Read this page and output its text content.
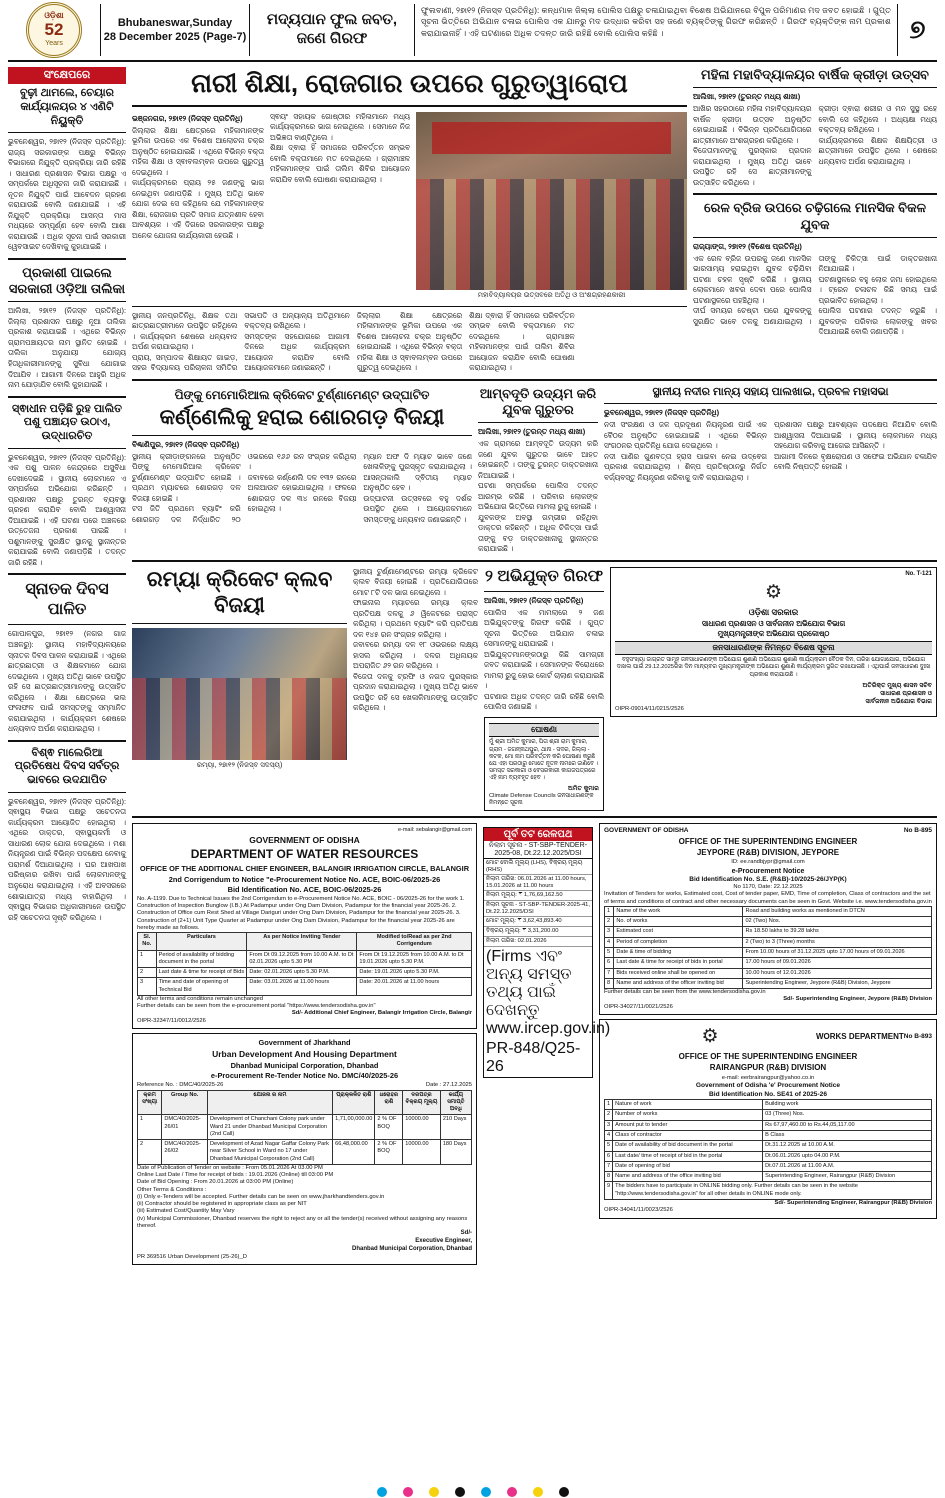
ଓଡ଼ିଶା
52
Years
Bhubaneswar,Sunday
28 December 2025 (Page-7)
ମଦ୍ୟପାନ ଫୁଲ ଜବତ, ଜଣେ ଗିରଫ
ଫୁଲବାଣୀ, ୨୭ା୧୨ (ନିଜସ୍ବ ପ୍ରତିନିଧି): କନ୍ଧମାଳ ଜିଲ୍ଲା ପୋଲିସ ପକ୍ଷରୁ ଚଳାଯାଇଥିବା ବିଶେଷ ଅଭିଯାନରେ ବିପୁଳ ପରିମାଣର ମଦ ଜବତ ହୋଇଛି । ଗୁପ୍ତ ସୂଚନା ଭିତ୍ତିରେ ଅଭିଯାନ ଚଳାଇ ପୋଲିସ ଏକ ଯାନରୁ ମଦ ଉଦ୍ଧାର କରିବା ସହ ଜଣେ ବ୍ୟକ୍ତିଙ୍କୁ ଗିରଫ କରିଛନ୍ତି । ଗିରଫ ବ୍ୟକ୍ତିଙ୍କ ନାମ ପ୍ରକାଶ କରାଯାଇନାହିଁ । ଏହି ଘଟଣାରେ ଅଧିକ ତଦନ୍ତ ଜାରି ରହିଛି ବୋଲି ପୋଲିସ କହିଛି ।	୭
ସଂକ୍ଷେପରେ
ବୁଢ଼ୀ ଥାମଲେ, ଚେୟାର କାର୍ଯ୍ୟାଳୟର ୪ ଏଣିଟି ନିୟୁକ୍ତି
ଭୁବନେଶ୍ୱର, ୨୭ା୧୨ (ନିଜସ୍ବ ପ୍ରତିନିଧି): ରାଜ୍ୟ ସରକାରଙ୍କ ପକ୍ଷରୁ ବିଭିନ୍ନ ବିଭାଗରେ ନିଯୁକ୍ତି ପ୍ରକ୍ରିୟା ଜାରି ରହିଛି । ସାଧାରଣ ପ୍ରଶାସନ ବିଭାଗ ପକ୍ଷରୁ ଏ ସମ୍ପର୍କରେ ଅଧିସୂଚନା ଜାରି କରାଯାଇଛି । ନୂତନ ନିଯୁକ୍ତି ପାଇଁ ଆବେଦନ ଗ୍ରହଣ କରାଯାଉଛି ବୋଲି ଜଣାଯାଇଛି । ଏହି ନିଯୁକ୍ତି ପ୍ରକ୍ରିୟା ଆସନ୍ତା ମାସ ମଧ୍ୟରେ ସମ୍ପୂର୍ଣ୍ଣ ହେବ ବୋଲି ଆଶା କରାଯାଉଛି । ଅଧିକ ସୂଚନା ପାଇଁ ସରକାରୀ ୱେବସାଇଟ ଦେଖିବାକୁ କୁହାଯାଇଛି ।
ପ୍ରକାଶୀ ପାଇଲେ ସରକାରୀ ଓଡ଼ିଆ ତାଲିକା
ଆଲିଖା, ୨୭ା୧୨ (ନିଜସ୍ବ ପ୍ରତିନିଧି): ଜିଲ୍ଲା ପ୍ରଶାସନ ପକ୍ଷରୁ ନୂଆ ତାଲିକା ପ୍ରକାଶ କରାଯାଇଛି । ଏଥିରେ ବିଭିନ୍ନ ଗ୍ରାମପଞ୍ଚାୟତର ନାମ ସ୍ଥାନିତ ହୋଇଛି । ତାଲିକା ଅନୁଯାୟୀ ଯୋଗ୍ୟ ହିତାଧିକାରୀମାନଙ୍କୁ ସୁବିଧା ଯୋଗାଇ ଦିଆଯିବ । ଆଗାମୀ ଦିନରେ ଆହୁରି ଅଧିକ ନାମ ଯୋଡ଼ାଯିବ ବୋଲି କୁହାଯାଇଛି ।
ସ୍ଵାଧୀନ ପଡ଼ିଛି ରୁହ ପାଲିତ ପଶୁ ପଞ୍ଚାୟତ ଉଠାଏ, ଉଦ୍ଧାରଚିତ
ଭୁବନେଶ୍ୱର, ୨୭ା୧୨ (ନିଜସ୍ବ ପ୍ରତିନିଧି): ଏକ ପଶୁ ପାଳନ କେନ୍ଦ୍ରରେ ଅସୁବିଧା ଦେଖାଦେଇଛି । ସ୍ଥାନୀୟ ଲୋକମାନେ ଏ ସମ୍ପର୍କରେ ଅଭିଯୋଗ କରିଛନ୍ତି । ପ୍ରଶାସନ ପକ୍ଷରୁ ତୁରନ୍ତ ବ୍ୟବସ୍ଥା ଗ୍ରହଣ କରାଯିବ ବୋଲି ଆଶ୍ୱାସନା ଦିଆଯାଇଛି । ଏହି ଘଟଣା ପରେ ଅଞ୍ଚଳରେ ଉତ୍ତେଜନା ପ୍ରକାଶ ପାଇଛି । ପଶୁମାନଙ୍କୁ ସୁରକ୍ଷିତ ସ୍ଥାନକୁ ସ୍ଥାନାନ୍ତର କରାଯାଇଛି ବୋଲି ଜଣାପଡ଼ିଛି । ତଦନ୍ତ ଜାରି ରହିଛି ।
ସ୍ନାତକ ଦିବସ ପାଳିତ
ଗୋପାଳପୁର, ୨୭ା୧୨ (ନଗର ଗାଜ ଅଞ୍ଚଳରୁ): ସ୍ଥାନୀୟ ମହାବିଦ୍ୟାଳୟରେ ସ୍ନାତକ ଦିବସ ପାଳନ କରାଯାଇଛି । ଏଥିରେ ଛାତ୍ରଛାତ୍ରୀ ଓ ଶିକ୍ଷକମାନେ ଯୋଗ ଦେଇଥିଲେ । ମୁଖ୍ୟ ଅତିଥି ଭାବେ ଉପସ୍ଥିତ ରହି ସେ ଛାତ୍ରଛାତ୍ରୀମାନଙ୍କୁ ଉତ୍ସାହିତ କରିଥିଲେ । ଶିକ୍ଷା କ୍ଷେତ୍ରରେ ଭଲ ଫଳାଫଳ ପାଇଁ ସମସ୍ତଙ୍କୁ ସମ୍ମାନିତ କରାଯାଇଥିଲା । କାର୍ଯ୍ୟକ୍ରମ ଶେଷରେ ଧନ୍ୟବାଦ ଅର୍ପଣ କରାଯାଇଥିଲା ।
ବିଶ୍ଵ ମାଲେରିଆ ପ୍ରତିଷେଧ ଦିବସ ସର୍ବତ୍ର ଭାବରେ ଉଦଯାପିତ
ଭୁବନେଶ୍ୱର, ୨୭ା୧୨ (ନିଜସ୍ବ ପ୍ରତିନିଧି): ସ୍ଵାସ୍ଥ୍ୟ ବିଭାଗ ପକ୍ଷରୁ ସଚେତନତା କାର୍ଯ୍ୟକ୍ରମ ଆୟୋଜିତ ହୋଇଥିଲା । ଏଥିରେ ଡାକ୍ତର, ସ୍ଵାସ୍ଥ୍ୟକର୍ମୀ ଓ ସାଧାରଣ ଲୋକ ଯୋଗ ଦେଇଥିଲେ । ମଶା ନିୟନ୍ତ୍ରଣ ପାଇଁ ବିଭିନ୍ନ ପଦକ୍ଷେପ ନେବାକୁ ପରାମର୍ଶ ଦିଆଯାଇଥିଲା । ଘର ଆଖପାଖ ପରିଷ୍କାର ରଖିବା ପାଇଁ ଲୋକମାନଙ୍କୁ ଅନୁରୋଧ କରାଯାଇଥିଲା । ଏହି ଅବସରରେ ଶୋଭାଯାତ୍ରା ମଧ୍ୟ ବାହାରିଥିଲା । ସ୍ଵାସ୍ଥ୍ୟ ବିଭାଗର ଅଧିକାରୀମାନେ ଉପସ୍ଥିତ ରହି ସଚେତନତା ସୃଷ୍ଟି କରିଥିଲେ ।
ନାରୀ ଶିକ୍ଷା, ରୋଜଗାର ଉପରେ ଗୁରୁତ୍ୱାରୋପ
ଭଞ୍ଜନଗର, ୨୭ା୧୨ (ନିଜସ୍ବ ପ୍ରତିନିଧି)
ଜିଲ୍ଲାର ଶିକ୍ଷା କ୍ଷେତ୍ରରେ ମହିଳାମାନଙ୍କ ଭୂମିକା ଉପରେ ଏକ ବିଶେଷ ଆଲୋଚନା ଚକ୍ର ଅନୁଷ୍ଠିତ ହୋଇଯାଇଛି । ଏଥିରେ ବିଭିନ୍ନ ବକ୍ତା ମହିଳା ଶିକ୍ଷା ଓ ସ୍ଵାବଲମ୍ବନ ଉପରେ ଗୁରୁତ୍ୱ ଦେଇଥିଲେ ।
କାର୍ଯ୍ୟକ୍ରମରେ ପ୍ରାୟ ୨୫ ଜଣଙ୍କୁ ଭାଗ ନେଇଥିବା ଜଣାପଡ଼ିଛି । ମୁଖ୍ୟ ଅତିଥି ଭାବେ ଯୋଗ ଦେଇ ସେ କହିଥିଲେ ଯେ ମହିଳାମାନଙ୍କ ଶିକ୍ଷା, ରୋଜଗାର ପ୍ରତି ସମାଜ ଯତ୍ନଶୀଳ ହେବା ଆବଶ୍ୟକ । ଏହି ଦିଗରେ ସରକାରଙ୍କ ପକ୍ଷରୁ ଅନେକ ଯୋଜନା କାର୍ଯ୍ୟକାରୀ ହେଉଛି ।
ସ୍ଵୟଂ ସହାୟକ ଗୋଷ୍ଠୀର ମହିଳାମାନେ ମଧ୍ୟ କାର୍ଯ୍ୟକ୍ରମରେ ଭାଗ ନେଇଥିଲେ । ସେମାନେ ନିଜ ଅଭିଜ୍ଞତା ବାଣ୍ଟିଥିଲେ ।
ଶିକ୍ଷା ଦ୍ଵାରା ହିଁ ସମାଜରେ ପରିବର୍ତ୍ତନ ସମ୍ଭବ ବୋଲି ବକ୍ତାମାନେ ମତ ଦେଇଥିଲେ । ଗ୍ରାମାଞ୍ଚଳ ମହିଳାମାନଙ୍କ ପାଇଁ ତାଲିମ ଶିବିର ଆୟୋଜନ କରାଯିବ ବୋଲି ଘୋଷଣା କରାଯାଇଥିଲା ।
ମହାବିଦ୍ୟାଳୟର ଉତ୍ସବରେ ଅତିଥି ଓ ଅଂଶଗ୍ରହଣକାରୀ
ସ୍ଥାନୀୟ ଜନପ୍ରତିନିଧି, ଶିକ୍ଷକ ତଥା ଛାତ୍ରଛାତ୍ରୀମାନେ ଉପସ୍ଥିତ ରହିଥିଲେ । କାର୍ଯ୍ୟକ୍ରମ ଶେଷରେ ଧନ୍ୟବାଦ ଅର୍ପଣ କରାଯାଇଥିଲା ।
ପ୍ରାୟ, ସମ୍ପାଦକ ଶିକ୍ଷାୟତ ଗାଇଡ଼, ସହର ବିଦ୍ୟାଳୟ ପରିଚାଳନା ସମିତିର ସଭାପତି ଓ ଅନ୍ୟାନ୍ୟ ଅତିଥିମାନେ ବକ୍ତବ୍ୟ ରଖିଥିଲେ ।
ସମସ୍ତଙ୍କ ସହଯୋଗରେ ଆଗାମୀ ଦିନରେ ଅଧିକ କାର୍ଯ୍ୟକ୍ରମ ଆୟୋଜନ କରାଯିବ ବୋଲି ଆୟୋଜକମାନେ ଜଣାଇଛନ୍ତି ।
ଜିଲ୍ଲାର ଶିକ୍ଷା କ୍ଷେତ୍ରରେ ମହିଳାମାନଙ୍କ ଭୂମିକା ଉପରେ ଏକ ବିଶେଷ ଆଲୋଚନା ଚକ୍ର ଅନୁଷ୍ଠିତ ହୋଇଯାଇଛି । ଏଥିରେ ବିଭିନ୍ନ ବକ୍ତା ମହିଳା ଶିକ୍ଷା ଓ ସ୍ଵାବଲମ୍ବନ ଉପରେ ଗୁରୁତ୍ୱ ଦେଇଥିଲେ ।
ଶିକ୍ଷା ଦ୍ଵାରା ହିଁ ସମାଜରେ ପରିବର୍ତ୍ତନ ସମ୍ଭବ ବୋଲି ବକ୍ତାମାନେ ମତ ଦେଇଥିଲେ । ଗ୍ରାମାଞ୍ଚଳ ମହିଳାମାନଙ୍କ ପାଇଁ ତାଲିମ ଶିବିର ଆୟୋଜନ କରାଯିବ ବୋଲି ଘୋଷଣା କରାଯାଇଥିଲା ।
ମହିଳା ମହାବିଦ୍ୟାଳୟର ବାର୍ଷିକ କ୍ରୀଡ଼ା ଉତ୍ସବ
ଆଲିଖା, ୨୭ା୧୨ (ତୁରନ୍ତ ମଧ୍ୟ ଶାଖା)
ଆଖିର ସହରଠାରେ ମହିଳା ମହାବିଦ୍ୟାଳୟର ବାର୍ଷିକ କ୍ରୀଡ଼ା ଉତ୍ସବ ଅନୁଷ୍ଠିତ ହୋଇଯାଇଛି । ବିଭିନ୍ନ ପ୍ରତିଯୋଗିତାରେ ଛାତ୍ରୀମାନେ ଅଂଶଗ୍ରହଣ କରିଥିଲେ ।
ବିଜେତାମାନଙ୍କୁ ପୁରସ୍କାର ପ୍ରଦାନ କରାଯାଇଥିଲା । ମୁଖ୍ୟ ଅତିଥି ଭାବେ ଉପସ୍ଥିତ ରହି ସେ ଛାତ୍ରୀମାନଙ୍କୁ ଉତ୍ସାହିତ କରିଥିଲେ ।
କ୍ରୀଡ଼ା ଦ୍ଵାରା ଶରୀର ଓ ମନ ସୁସ୍ଥ ରହେ ବୋଲି ସେ କହିଥିଲେ । ଅଧ୍ୟକ୍ଷା ମଧ୍ୟ ବକ୍ତବ୍ୟ ରଖିଥିଲେ ।
କାର୍ଯ୍ୟକ୍ରମରେ ଶିକ୍ଷକ ଶିକ୍ଷୟିତ୍ରୀ ଓ ଛାତ୍ରୀମାନେ ଉପସ୍ଥିତ ଥିଲେ । ଶେଷରେ ଧନ୍ୟବାଦ ଅର୍ପଣ କରାଯାଇଥିଲା ।
ରେଳ ବ୍ରିଜ ଉପରେ ଚଢ଼ିଗଲେ ମାନସିକ ବିକଳ ଯୁବକ
ରାଜ୍ୟାଙ୍ଗ, ୨୭ା୧୨ (ବିଶେଷ ପ୍ରତିନିଧି)
ଏକ ରେଳ ବ୍ରିଜ ଉପରକୁ ଜଣେ ମାନସିକ ଭାରସାମ୍ୟ ହରାଇଥିବା ଯୁବକ ଚଢ଼ିଯିବା ଘଟଣା ଚହଳ ସୃଷ୍ଟି କରିଛି । ସ୍ଥାନୀୟ ଲୋକମାନେ ଖବର ଦେବା ପରେ ପୋଲିସ ଘଟଣାସ୍ଥଳରେ ପହଞ୍ଚିଥିଲା ।
ଦୀର୍ଘ ସମୟର ଚେଷ୍ଟା ପରେ ଯୁବକଙ୍କୁ ସୁରକ୍ଷିତ ଭାବେ ତଳକୁ ଅଣାଯାଇଥିଲା । ତାଙ୍କୁ ଚିକିତ୍ସା ପାଇଁ ଡାକ୍ତରଖାନା ନିଆଯାଇଛି ।
ଘଟଣାସ୍ଥଳରେ ବହୁ ଲୋକ ଜମା ହୋଇଥିଲେ । ଟ୍ରେନ ଚଳାଚଳ କିଛି ସମୟ ପାଇଁ ପ୍ରଭାବିତ ହୋଇଥିଲା ।
ପୋଲିସ ଘଟଣାର ତଦନ୍ତ କରୁଛି । ଯୁବକଙ୍କ ପରିବାର ଲୋକଙ୍କୁ ଖବର ଦିଆଯାଇଛି ବୋଲି ଜଣାପଡ଼ିଛି ।
ପିଙ୍କୁ ମେମୋରିଆଲ କ୍ରିକେଟ ଟୁର୍ଣ୍ଣାମେଣ୍ଟ ଉଦ୍‌ଘାଟିତ
କର୍ଣ୍ଣେଲିକୁ ହରାଇ ଶୋରଗଡ଼ ବିଜୟୀ
ବିଣ୍ଢାଣିପୁର, ୨୭ା୧୨ (ନିଜସ୍ବ ପ୍ରତିନିଧି)
ସ୍ଥାନୀୟ କ୍ରୀଡ଼ାଙ୍ଗନରେ ଅନୁଷ୍ଠିତ ପିଙ୍କୁ ମେମୋରିଆଲ କ୍ରିକେଟ ଟୁର୍ଣ୍ଣାମେଣ୍ଟ ଉଦ୍‌ଘାଟିତ ହୋଇଛି । ପ୍ରଥମ ମ୍ୟାଚରେ ଶୋରଗଡ଼ ଦଳ ବିଜୟୀ ହୋଇଛି ।
ଟସ ଜିତି ପ୍ରଥମେ ବ୍ୟାଟିଂ କରି ଶୋରଗଡ଼ ଦଳ ନିର୍ଦ୍ଧାରିତ ୨୦ ଓଭରରେ ୧୬୬ ରନ ସଂଗ୍ରହ କରିଥିଲା ।
ଜବାବରେ କର୍ଣ୍ଣେଲି ଦଳ ୧୩୨ ରନରେ ଅଲଆଉଟ ହୋଇଯାଇଥିଲା । ଫଳରେ ଶୋରଗଡ଼ ଦଳ ୩୪ ରନରେ ବିଜୟୀ ହୋଇଥିଲା ।
ମ୍ୟାନ ଅଫ ଦି ମ୍ୟାଚ ଭାବେ ଜଣେ ଖେଳାଳିଙ୍କୁ ପୁରସ୍କୃତ କରାଯାଇଥିଲା । ଆସନ୍ତାକାଲି ଦ୍ଵିତୀୟ ମ୍ୟାଚ ଅନୁଷ୍ଠିତ ହେବ ।
ଉଦ୍‌ଘାଟନୀ ଉତ୍ସବରେ ବହୁ ଦର୍ଶକ ଉପସ୍ଥିତ ଥିଲେ । ଆୟୋଜକମାନେ ସମସ୍ତଙ୍କୁ ଧନ୍ୟବାଦ ଜଣାଇଛନ୍ତି ।
ଆମ୍ବଦୂତି ଉଦ୍ୟମ କରି ଯୁବକ ଗୁରୁତର
ଆଲିଖା, ୨୭ା୧୨ (ତୁରନ୍ତ ମଧ୍ୟ ଶାଖା)
ଏକ ଗ୍ରାମରେ ଆମ୍ବଦୂତି ଉଦ୍ୟମ କରି ଜଣେ ଯୁବକ ଗୁରୁତର ଭାବେ ଆହତ ହୋଇଛନ୍ତି । ତାଙ୍କୁ ତୁରନ୍ତ ଡାକ୍ତରଖାନା ନିଆଯାଇଛି ।
ଘଟଣା ସମ୍ପର୍କରେ ପୋଲିସ ତଦନ୍ତ ଆରମ୍ଭ କରିଛି । ପରିବାର ଲୋକଙ୍କ ଅଭିଯୋଗ ଭିତ୍ତିରେ ମାମଲା ରୁଜୁ ହୋଇଛି ।
ଯୁବକଙ୍କ ଅବସ୍ଥା ଗମ୍ଭୀର ରହିଥିବା ଡାକ୍ତର କହିଛନ୍ତି । ଅଧିକ ଚିକିତ୍ସା ପାଇଁ ତାଙ୍କୁ ବଡ଼ ଡାକ୍ତରଖାନାକୁ ସ୍ଥାନାନ୍ତର କରାଯାଇଛି ।
ସ୍ଥାନୀୟ ନଦୀର ମାନ୍ୟ ସହାୟ ପାଲଖାଇ, ପ୍ରବଳ ମହାସଭା
ଭୁବନେଶ୍ୱର, ୨୭ା୧୨ (ନିଜସ୍ବ ପ୍ରତିନିଧି)
ନଦୀ ସଂରକ୍ଷଣ ଓ ଜଳ ପ୍ରଦୂଷଣ ନିୟନ୍ତ୍ରଣ ପାଇଁ ଏକ ବୈଠକ ଅନୁଷ୍ଠିତ ହୋଇଯାଇଛି । ଏଥିରେ ବିଭିନ୍ନ ସଂଗଠନର ପ୍ରତିନିଧି ଯୋଗ ଦେଇଥିଲେ ।
ନଦୀ ପାଣିର ଗୁଣବତ୍ତା ହ୍ରାସ ପାଇବା ନେଇ ଉଦ୍ଵେଗ ପ୍ରକାଶ କରାଯାଇଥିଲା । ଶିଳ୍ପ ପ୍ରତିଷ୍ଠାନରୁ ନିର୍ଗତ ବର୍ଜ୍ୟବସ୍ତୁ ନିୟନ୍ତ୍ରଣ କରିବାକୁ ଦାବି କରାଯାଇଥିଲା ।
ପ୍ରଶାସନ ପକ୍ଷରୁ ଆବଶ୍ୟକ ପଦକ୍ଷେପ ନିଆଯିବ ବୋଲି ଆଶ୍ୱାସନା ଦିଆଯାଇଛି । ସ୍ଥାନୀୟ ଲୋକମାନେ ମଧ୍ୟ ସହଯୋଗ କରିବାକୁ ଆଗେଇ ଆସିଛନ୍ତି ।
ଆଗାମୀ ଦିନରେ ବୃକ୍ଷରୋପଣ ଓ ସଫେଇ ଅଭିଯାନ ଚଳାଯିବ ବୋଲି ନିଷ୍ପତ୍ତି ହୋଇଛି ।
ରମ୍ୟା କ୍ରିକେଟ କ୍ଲବ ବିଜୟୀ
ରମ୍ୟା, ୨୭ା୧୨ (ନିଜସ୍ବ ସଦସ୍ୟ)
ସ୍ଥାନୀୟ ଟୁର୍ଣ୍ଣାମେଣ୍ଟରେ ରମ୍ୟା କ୍ରିକେଟ କ୍ଲବ ବିଜୟୀ ହୋଇଛି । ପ୍ରତିଯୋଗିତାରେ ମୋଟ ୮ଟି ଦଳ ଭାଗ ନେଇଥିଲେ ।
ଫାଇନାଲ ମ୍ୟାଚରେ ରମ୍ୟା କ୍ଲବ ପ୍ରତିପକ୍ଷ ଦଳକୁ ୬ ୱିକେଟରେ ପରାସ୍ତ କରିଥିଲା । ପ୍ରଥମେ ବ୍ୟାଟିଂ କରି ପ୍ରତିପକ୍ଷ ଦଳ ୧୪୫ ରନ ସଂଗ୍ରହ କରିଥିଲା ।
ଜବାବରେ ରମ୍ୟା ଦଳ ୧୮ ଓଭରରେ ଲକ୍ଷ୍ୟ ହାସଲ କରିଥିଲା । ଦଳର ଅଧିନାୟକ ଅପରାଜିତ ୬୨ ରନ କରିଥିଲେ ।
ବିଜେତା ଦଳକୁ ଟ୍ରଫି ଓ ନଗଦ ପୁରସ୍କାର ପ୍ରଦାନ କରାଯାଇଥିଲା । ମୁଖ୍ୟ ଅତିଥି ଭାବେ ଉପସ୍ଥିତ ରହି ସେ ଖେଳାଳିମାନଙ୍କୁ ଉତ୍ସାହିତ କରିଥିଲେ ।
୨ ଅଭିଯୁକ୍ତ ଗିରଫ
ଆଲିଖା, ୨୭ା୧୨ (ନିଜସ୍ବ ପ୍ରତିନିଧି)
ପୋଲିସ ଏକ ମାମଲାରେ ୨ ଜଣ ଅଭିଯୁକ୍ତଙ୍କୁ ଗିରଫ କରିଛି । ଗୁପ୍ତ ସୂଚନା ଭିତ୍ତିରେ ଅଭିଯାନ ଚଳାଇ ସେମାନଙ୍କୁ ଧରାଯାଇଛି ।
ଅଭିଯୁକ୍ତମାନଙ୍କଠାରୁ କିଛି ସାମଗ୍ରୀ ଜବତ କରାଯାଇଛି । ସେମାନଙ୍କ ବିରୋଧରେ ମାମଲା ରୁଜୁ ହୋଇ କୋର୍ଟ ଚାଲାଣ କରାଯାଇଛି ।
ଘଟଣାର ଅଧିକ ତଦନ୍ତ ଜାରି ରହିଛି ବୋଲି ପୋଲିସ ଜଣାଇଛି ।
ଘୋଷଣା
ମୁଁ ଶ୍ରୀ ଅମିତ କୁମାର, ପିତା ଶ୍ରୀ ରାମ କୁମାର, ଗ୍ରାମ - ଜଗନ୍ନାଥପୁର, ଥାନା - ସଦର, ଜିଲ୍ଲା - କଟକ, ମୋ ନାମ ପରିବର୍ତ୍ତନ କରି ଘୋଷଣା କରୁଛି ଯେ ଏହା ପରଠାରୁ ମୋତେ ନୂତନ ନାମରେ ଜାଣିବେ । ସମସ୍ତ ସରକାରୀ ଓ ବେସରକାରୀ କାଗଜପତ୍ରରେ ଏହି ନାମ ବ୍ୟବହୃତ ହେବ ।
ଅମିତ କୁମାର
Climate Defense Councils ଜନସାଧାରଣଙ୍କ ନିମନ୍ତେ ସୂଚନା
No. T-121
⚙
ଓଡ଼ିଶା ସରକାର
ସାଧାରଣ ପ୍ରଶାସନ ଓ ସାର୍ବଜନୀନ ଅଭିଯୋଗ ବିଭାଗ
ମୁଖ୍ୟମନ୍ତ୍ରୀଙ୍କ ଅଭିଯୋଗ ପ୍ରକୋଷ୍ଠ
ଜନସାଧାରଣଙ୍କ ନିମନ୍ତେ ବିଶେଷ ସୂଚନା
ବହୁସଂଖ୍ୟା ଜାଗ୍ରତ ସାମୂହ ଜନସାଧାରଣଙ୍କ ଅଭିଯୋଗ ଶୁଣାଣି ଅଭିଯୋଗ ଶୁଣାଣି କାର୍ଯ୍ୟକ୍ରମ ବୈଠକ ଦିନ, ତାରିଖ ଯୋଗାଯୋଗ, ଅଭିଯୋଗ ଦାଖଲ ପାଇଁ 29.12.2025ରିଖ ଦିନ ମାନ୍ୟବର ମୁଖ୍ୟମନ୍ତ୍ରୀଙ୍କ ଅଭିଯୋଗ ଶୁଣାଣି କାର୍ଯ୍ୟକ୍ରମ ସ୍ଥଗିତ ରଖାଯାଇଛି । ଏଥିପାଇଁ ଜନସାଧାରଣ ଦୁଃଖ ପ୍ରକାଶ କରାଯାଉଛି ।
ଅତିରିକ୍ତ ମୁଖ୍ୟ ଶାସନ ସଚିବ
ସାଧାରଣ ପ୍ରଶାସନ ଓ
ସାର୍ବଜନୀନ ଅଭିଯୋଗ ବିଭାଗ
OIPR-09014/11/0215/2526
e-mail: sebalangir@gmail.com
GOVERNMENT OF ODISHA
DEPARTMENT OF WATER RESOURCES
OFFICE OF THE ADDITIONAL CHIEF ENGINEER, BALANGIR IRRIGATION CIRCLE, BALANGIR
2nd Corrigendum to Notice "e-Procurement Notice No. ACE, BOIC-06/2025-26
Bid Identification No. ACE, BOIC-06/2025-26
No. A-1199. Due to Technical Issues the 2nd Corrigendum to e-Procurement Notice No. ACE, BOIC - 06/2025-26 for the work 1. Construction of Inspection Bunglow (I.B.) At Padampur under Ong Dam Division, Padampur for the financial year 2025-26. 2. Construction of Office cum Rest Shed at Village Dariguri under Ong Dam Division, Padampur for the financial year 2025-26. 3. Construction of (2+1) Unit Type Quarter at Padampur under Ong Dam Division, Padampur for the financial year 2025-26 are hereby made as follows.
Sl. No.	Particulars	As per Notice Inviting Tender	Modified to/Read as per 2nd Corrigendum
1	Period of availability of bidding document in the portal	From Dt 09.12.2025 from 10.00 A.M. to Dt 02.01.2026 upto 5.30 PM	From Dt 19.12.2025 from 10.00 A.M. to Dt 19.01.2026 upto 5.30 P.M.
2	Last date & time for receipt of Bids	Date: 02.01.2026 upto 5.30 P.M.	Date: 19.01.2026 upto 5.30 P.M.
3	Time and date of opening of Technical Bid	Date: 03.01.2026 at 11.00 hours	Date: 20.01.2026 at 11.00 hours
All other terms and conditions remain unchanged
Further details can be seen from the e-procurement portal "https://www.tendersodisha.gov.in"
Sd/- Additional Chief Engineer, Balangir Irrigation Circle, Balangir
OIPR-32347/11/0012/2526
Government of Jharkhand
Urban Development And Housing Department
Dhanbad Municipal Corporation, Dhanbad
e-Procurement Re-Tender Notice No. DMC/40/2025-26
Reference No. : DMC/40/2025-26	Date : 27.12.2025
କ୍ରମ ସଂଖ୍ୟା	Group No.	ଯୋଜନା ର ନାମ	ପ୍ରାକ୍କଳିତ ରାଶି	ଧରୋହର ରାଶି	ଦରପତ୍ର ବିକ୍ରୟ ମୂଲ୍ୟ	କାର୍ଯ୍ୟ ସମାପ୍ତି ଅବଧି
1	DMC/40/2025-26/01	Development of Chanchani Colony park under Ward 21 under Dhanbad Municipal Corporation (2nd Call)	1,71,00,000.00	2 % OF BOQ	10000.00	210 Days
2	DMC/40/2025-26/02	Development of Azad Nagar Gaffar Colony Park near Silver School in Ward no 17 under Dhanbad Municipal Corporation (2nd Call)	66,48,000.00	2 % OF BOQ	10000.00	180 Days
Date of Publication of Tender on website : From 05.01.2026 At 03.00 PM
Online Last Date / Time for receipt of bids : 19.01.2026 (Online) till 03:00 PM
Date of Bid Opening : From 20.01.2026 at 03:00 PM (Online)
Other Terms & Conditions :
(i) Only e-Tenders will be accepted. Further details can be seen on www.jharkhandtenders.gov.in
(ii) Contractor should be registered in appropriate class as per NIT
(iii) Estimated Cost/Quantity May Vary
(iv) Municipal Commissioner, Dhanbad reserves the right to reject any or all the tender(s) received without assigning any reasons thereof.
Sd/-
Executive Engineer,
Dhanbad Municipal Corporation, Dhanbad
PR 369516 Urban Development (25-26)_D
ପୂର୍ବ ତଟ ରେଳପଥ
ନିଲାମ ସୂଚନା - ST-SBP-TENDER-2025-08, Dt.22.12.2025/DSI
ମୋଟ ବୋଲି ମୂଲ୍ୟ (LHS), ବିକ୍ରୟ ମୂଲ୍ୟ (RHS)
ନିଲାମ ତାରିଖ: 06.01.2026 at 11.00 hours, 15.01.2026 at 11.00 hours
ନିଲାମ ମୂଲ୍ୟ: ₹ 1,76,69,162.50
ନିଲାମ ସୂଚନା - ST-SBP-TENDER-2025-41, Dt.22.12.2025/DSI
ମୋଟ ମୂଲ୍ୟ: ₹ 3,62,43,893.40
ବିକ୍ରୟ ମୂଲ୍ୟ: ₹ 3,31,200.00
ନିଲାମ ତାରିଖ: 02.01.2026
(Firms ଏବଂ ଅନ୍ୟ ସମସ୍ତ ତଥ୍ୟ ପାଇଁ ଦେଖନ୍ତୁ www.ircep.gov.in)
PR-848/Q25-26
GOVERNMENT OF ODISHA	No B-895
OFFICE OF THE SUPERINTENDING ENGINEER
JEYPORE (R&B) DIVISION, JEYPORE
ID: ee.randbjypr@gmail.com
e-Procurement Notice
Bid Identification No. S.E. (R&B)-10/2025-26/JYP(K)
No 1170, Date: 22.12.2025
Invitation of Tenders for works, Estimated cost, Cost of tender paper, EMD, Time of completion, Class of contractors and the set of terms and conditions of contract and other necessary documents can be seen in Govt. Website i.e. www.tendersodisha.gov.in
1	Name of the work	Road and building works as mentioned in DTCN
2	No. of works	02 (Two) Nos.
3	Estimated cost	Rs 18.50 lakhs to 39.28 lakhs
4	Period of completion	2 (Two) to 3 (Three) months
5	Date & time of bidding	From 10.00 hours of 31.12.2025 upto 17.00 hours of 09.01.2026
6	Last date & time for receipt of bids in portal	17.00 hours of 09.01.2026
7	Bids received online shall be opened on	10.00 hours of 12.01.2026
8	Name and address of the officer inviting bid	Superintending Engineer, Jeypore (R&B) Division, Jeypore
Further details can be seen from the www.tendersodisha.gov.in
Sd/- Superintending Engineer, Jeypore (R&B) Division
OIPR-34027/11/0021/2526
⚙
WORKS DEPARTMENT No B-893
OFFICE OF THE SUPERINTENDING ENGINEER
RAIRANGPUR (R&B) DIVISION
e-mail: eerbrairangpur@yahoo.co.in
Government of Odisha 'e' Procurement Notice
Bid Identification No. SE41 of 2025-26
1	Nature of work	Building work
2	Number of works	03 (Three) Nos.
3	Amount put to tender	Rs 67,97,460.00 to Rs.44,05,117.00
4	Class of contractor	B Class
5	Date of availability of bid document in the portal	Dt.31.12.2025 at 10.00 A.M.
6	Last date/ time of receipt of bid in the portal	Dt.06.01.2026 upto 04.00 P.M.
7	Date of opening of bid	Dt.07.01.2026 at 11.00 A.M.
8	Name and address of the office inviting bid	Superintending Engineer, Rairangpur (R&B) Division
9	The bidders have to participate in ONLINE bidding only. Further details can be seen in the website "http://www.tendersodisha.gov.in" for all other details in ONLINE mode only.	
Sd/- Superintending Engineer, Rairangpur (R&B) Division
OIPR-34041/11/0023/2526
